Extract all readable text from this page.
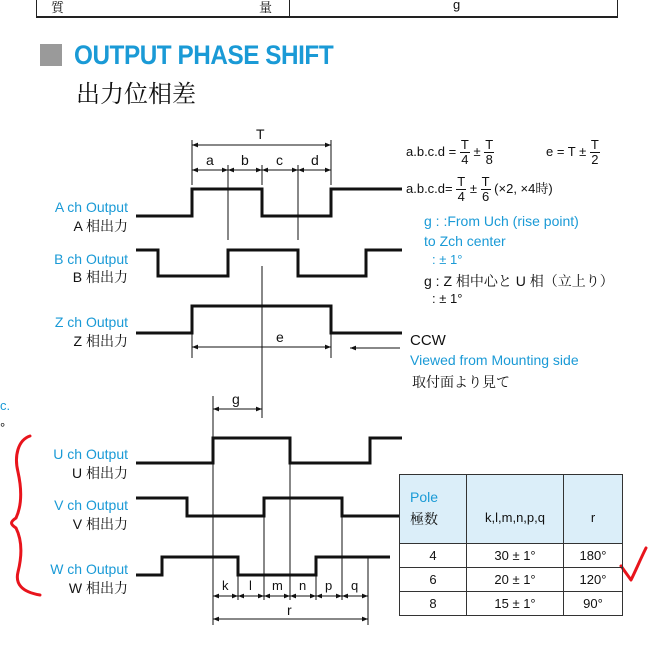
質	量	g
OUTPUT PHASE SHIFT
出力位相差
c.
°
A ch Output
A 相出力
B ch Output
B 相出力
Z ch Output
Z 相出力
U ch Output
U 相出力
V ch Output
V 相出力
W ch Output
W 相出力
T
a b c d
e
g
k l m n p q
r
$a.b.c.d = \frac{T}{4} \pm \frac{T}{8}$	$e = T \pm \frac{T}{2}$
$a.b.c.d= \frac{T}{4} \pm \frac{T}{6} (\times 2$, ×4時)
g : :From Uch (rise point)
to Zch center
: ± 1°
g : Z 相中心と U 相（立上り）
: ± 1°
CCW
Viewed from Mounting side
取付面より見て
Pole
極数	k,l,m,n,p,q	r
4	30 ± 1°	180°
6	20 ± 1°	120°
8	15 ± 1°	90°
